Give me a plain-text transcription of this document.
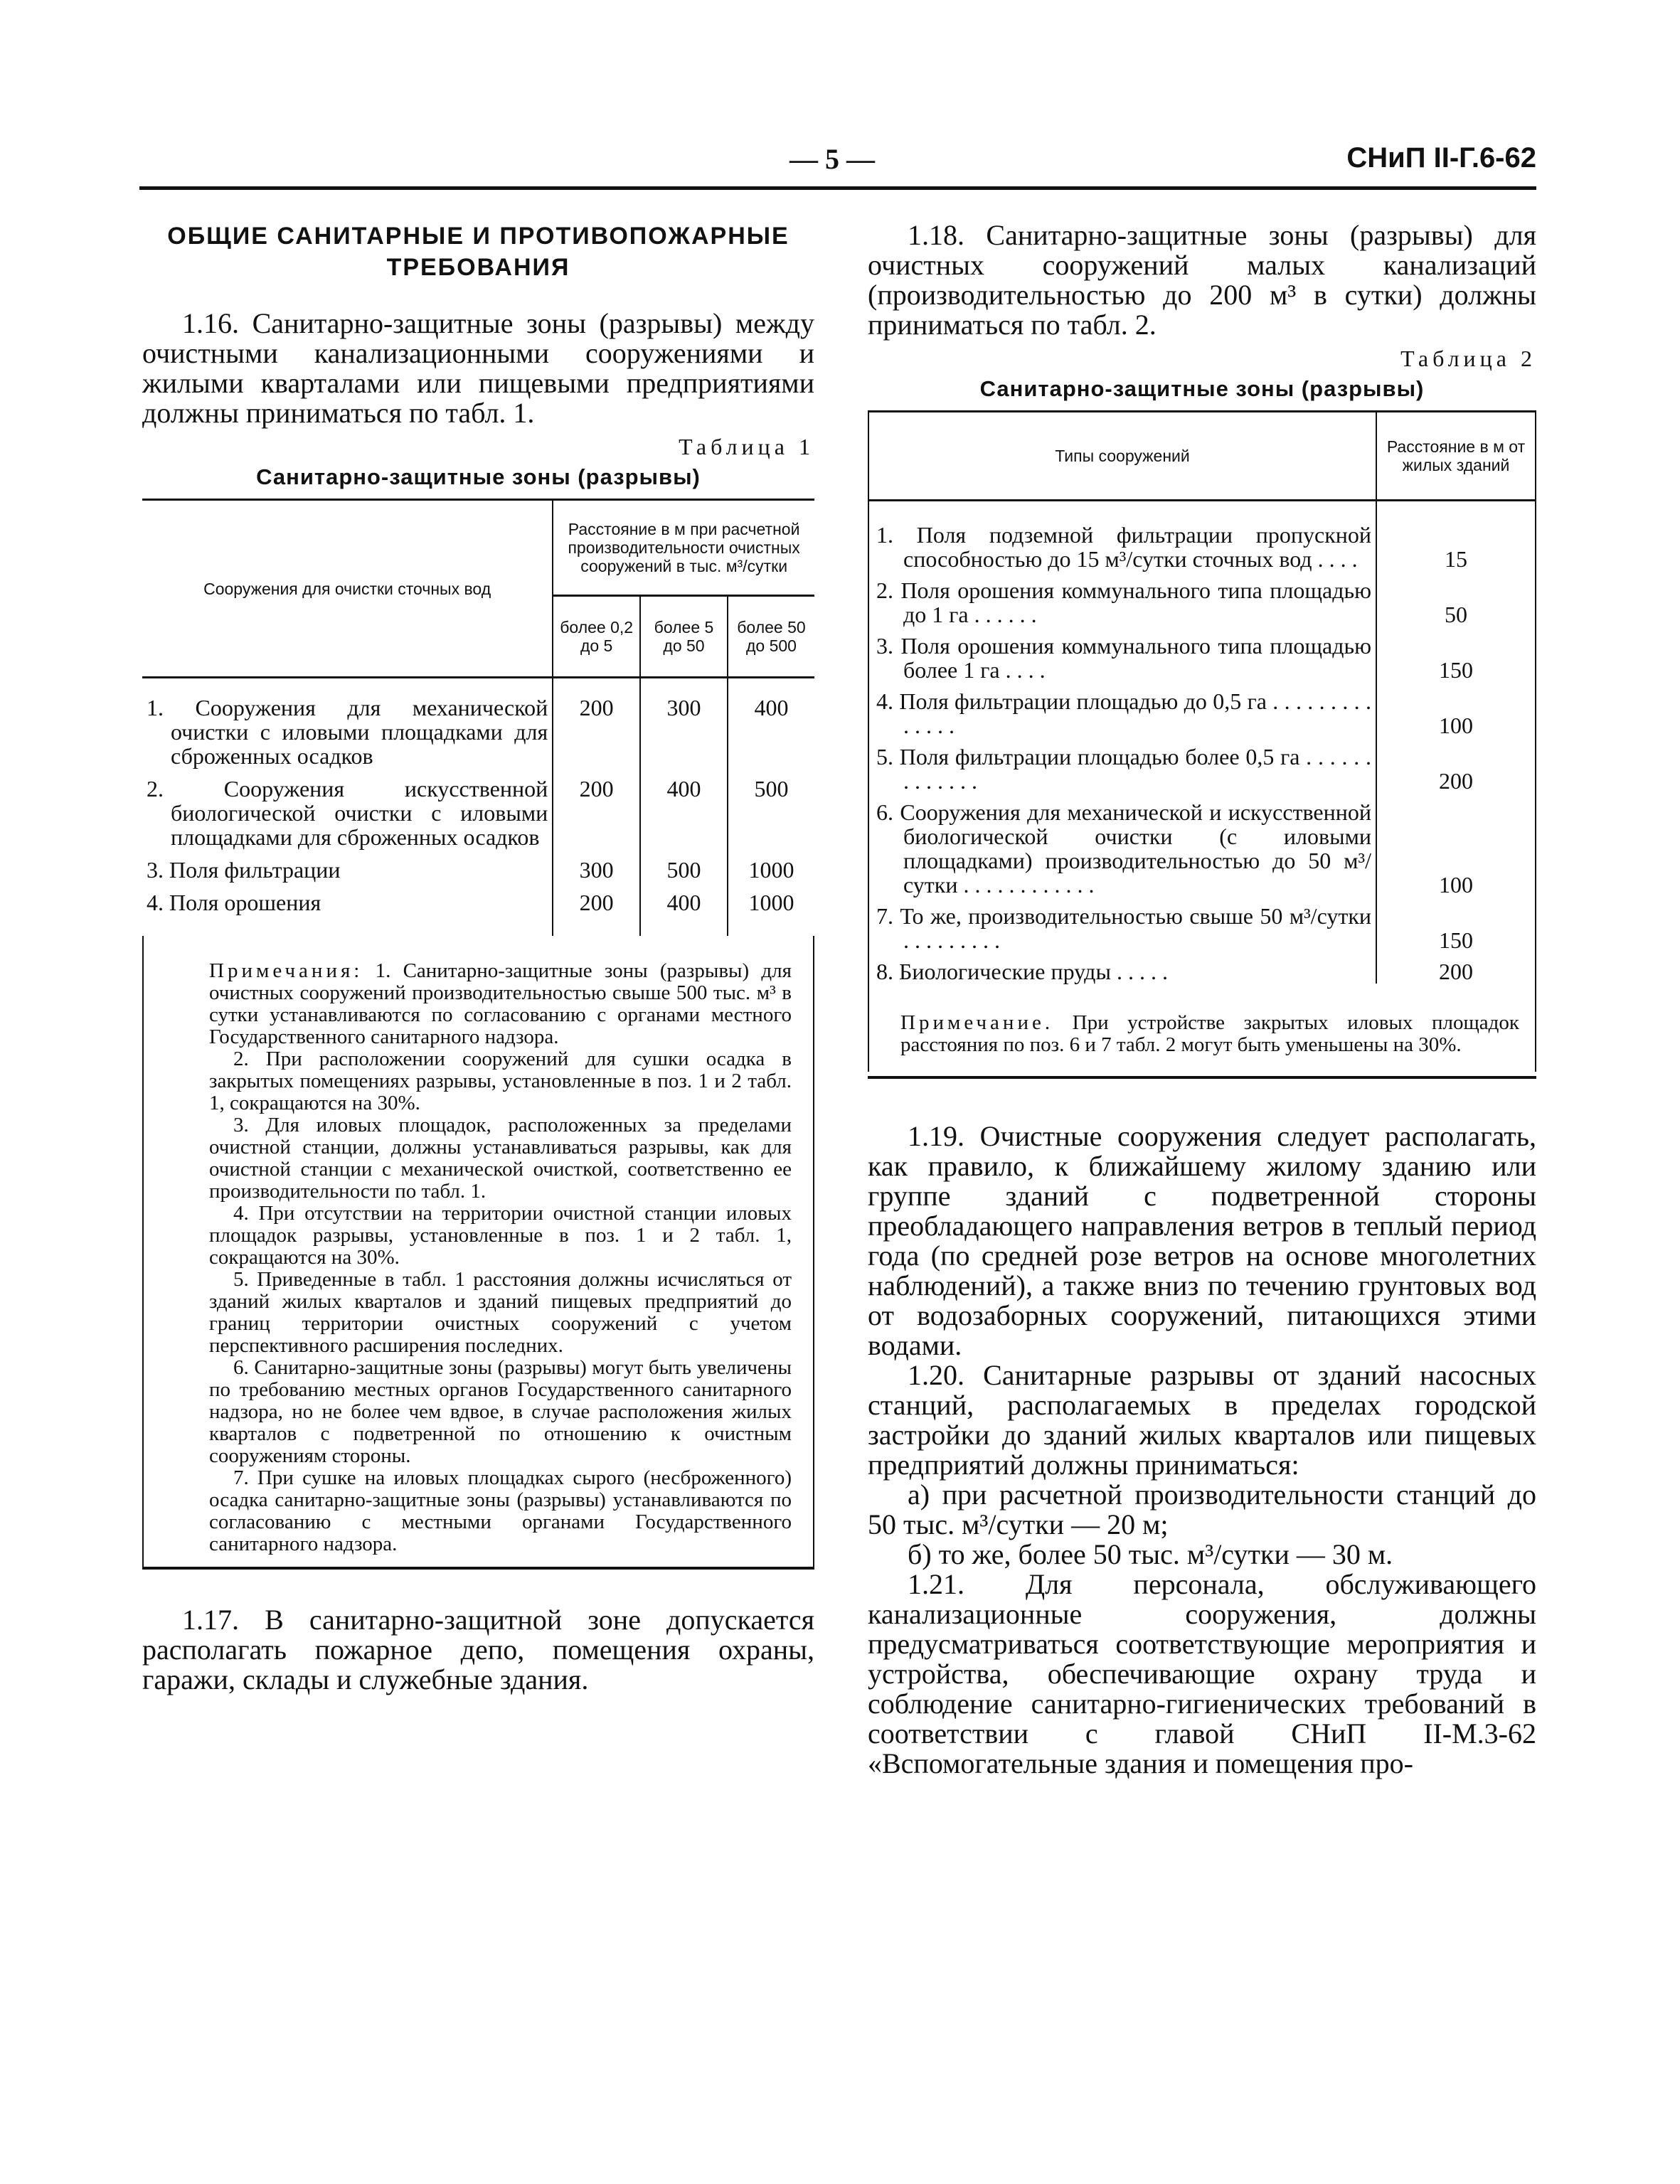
— 5 —	СНиП II-Г.6-62
ОБЩИЕ САНИТАРНЫЕ И ПРОТИВОПОЖАРНЫЕ ТРЕБОВАНИЯ

1.16. Санитарно-защитные зоны (разрывы) между очистными канализационными сооружениями и жилыми кварталами или пищевыми предприятиями должны приниматься по табл. 1.

Таблица 1
Санитарно-защитные зоны (разрывы)
Сооружения для очистки сточных вод	Расстояние в м при расчетной производительности очистных сооружений в тыс. м³/сутки		
	более 0,2 до 5	более 5 до 50	более 50 до 500
1. Сооружения для механической очистки с иловыми площадками для сброженных осадков	200	300	400
2. Сооружения искусственной биологической очистки с иловыми площадками для сброженных осадков	200	400	500
3. Поля фильтрации	300	500	1000
4. Поля орошения	200	400	1000

Примечания: 1. Санитарно-защитные зоны (разрывы) для очистных сооружений производительностью свыше 500 тыс. м³ в сутки устанавливаются по согласованию с органами местного Государственного санитарного надзора.

2. При расположении сооружений для сушки осадка в закрытых помещениях разрывы, установленные в поз. 1 и 2 табл. 1, сокращаются на 30%.

3. Для иловых площадок, расположенных за пределами очистной станции, должны устанавливаться разрывы, как для очистной станции с механической очисткой, соответственно ее производительности по табл. 1.

4. При отсутствии на территории очистной станции иловых площадок разрывы, установленные в поз. 1 и 2 табл. 1, сокращаются на 30%.

5. Приведенные в табл. 1 расстояния должны исчисляться от зданий жилых кварталов и зданий пищевых предприятий до границ территории очистных сооружений с учетом перспективного расширения последних.

6. Санитарно-защитные зоны (разрывы) могут быть увеличены по требованию местных органов Государственного санитарного надзора, но не более чем вдвое, в случае расположения жилых кварталов с подветренной по отношению к очистным сооружениям стороны.

7. При сушке на иловых площадках сырого (несброженного) осадка санитарно-защитные зоны (разрывы) устанавливаются по согласованию с местными органами Государственного санитарного надзора.

1.17. В санитарно-защитной зоне допускается располагать пожарное депо, помещения охраны, гаражи, склады и служебные здания.

1.18. Санитарно-защитные зоны (разрывы) для очистных сооружений малых канализаций (производительностью до 200 м³ в сутки) должны приниматься по табл. 2.

Таблица 2
Санитарно-защитные зоны (разрывы)
Типы сооружений	Расстояние в м от жилых зданий
1. Поля подземной фильтрации пропускной способностью до 15 м³/сутки сточных вод . . . .	15
2. Поля орошения коммунального типа площадью до 1 га . . . . . .	50
3. Поля орошения коммунального типа площадью более 1 га . . . .	150
4. Поля фильтрации площадью до 0,5 га . . . . . . . . . . . . . .	100
5. Поля фильтрации площадью более 0,5 га . . . . . . . . . . . . .	200
6. Сооружения для механической и искусственной биологической очистки (с иловыми площадками) производительностью до 50 м³/сутки . . . . . . . . . . . .	100
7. То же, производительностью свыше 50 м³/сутки . . . . . . . . .	150
8. Биологические пруды . . . . .	200

Примечание. При устройстве закрытых иловых площадок расстояния по поз. 6 и 7 табл. 2 могут быть уменьшены на 30%.

1.19. Очистные сооружения следует располагать, как правило, к ближайшему жилому зданию или группе зданий с подветренной стороны преобладающего направления ветров в теплый период года (по средней розе ветров на основе многолетних наблюдений), а также вниз по течению грунтовых вод от водозаборных сооружений, питающихся этими водами.

1.20. Санитарные разрывы от зданий насосных станций, располагаемых в пределах городской застройки до зданий жилых кварталов или пищевых предприятий должны приниматься:

а) при расчетной производительности станций до 50 тыс. м³/сутки — 20 м;

б) то же, более 50 тыс. м³/сутки — 30 м.

1.21. Для персонала, обслуживающего канализационные сооружения, должны предусматриваться соответствующие мероприятия и устройства, обеспечивающие охрану труда и соблюдение санитарно-гигиенических требований в соответствии с главой СНиП II-М.3-62 «Вспомогательные здания и помещения про-
